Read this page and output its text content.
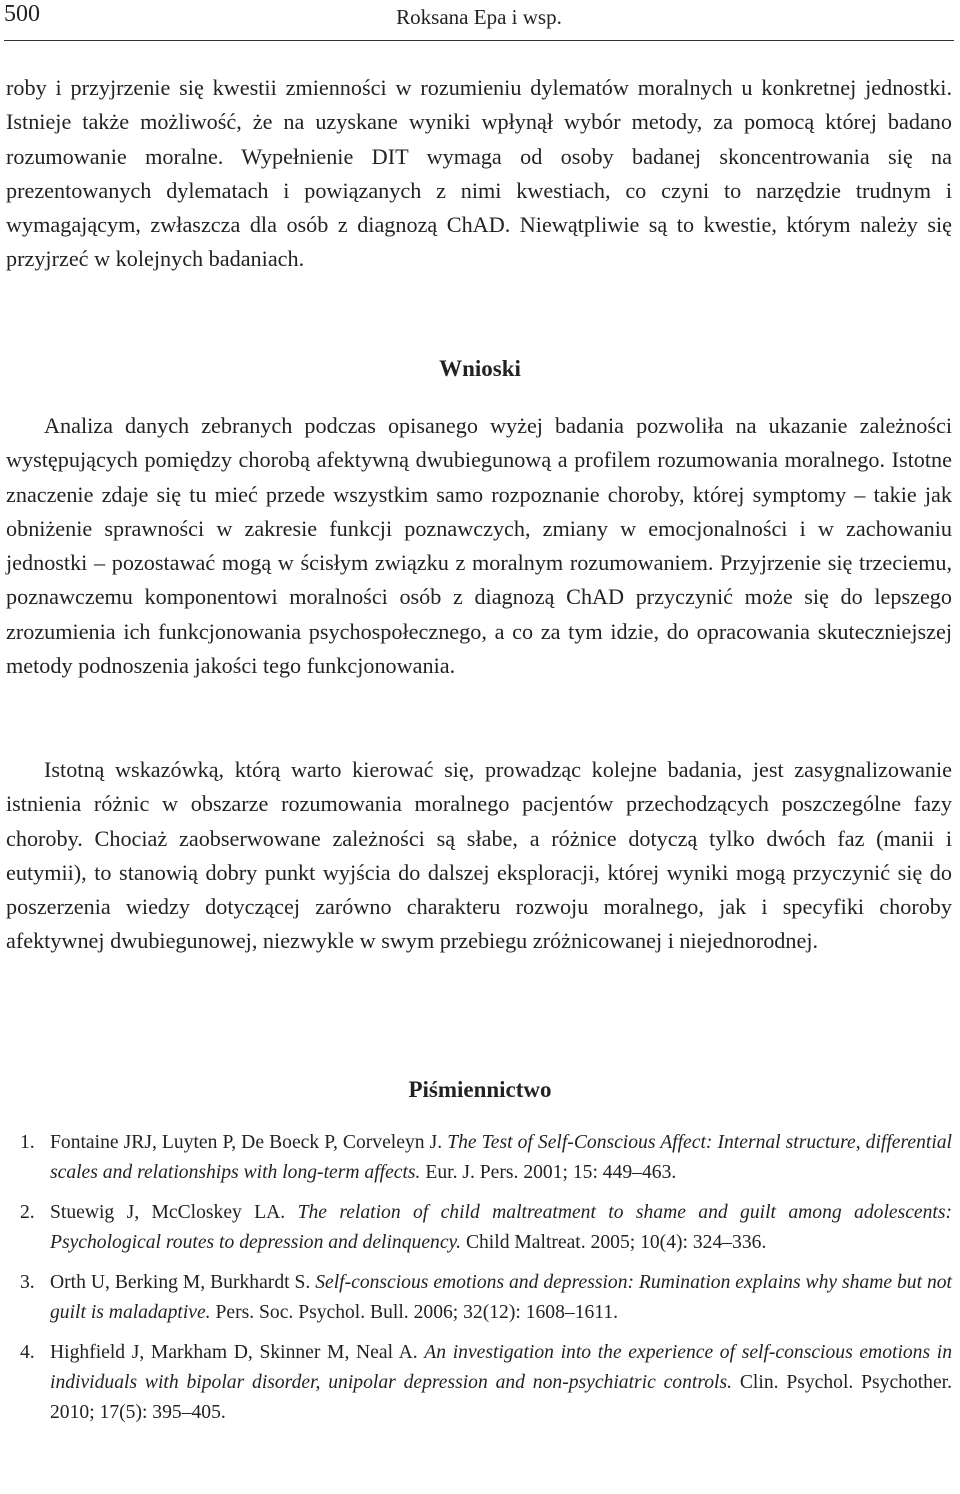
500	Roksana Epa i wsp.

roby i przyjrzenie się kwestii zmienności w rozumieniu dylematów moralnych u konkretnej jednostki. Istnieje także możliwość, że na uzyskane wyniki wpłynął wybór metody, za pomocą której badano rozumowanie moralne. Wypełnienie DIT wymaga od osoby badanej skoncentrowania się na prezentowanych dylematach i powiązanych z nimi kwestiach, co czyni to narzędzie trudnym i wymagającym, zwłaszcza dla osób z diagnozą ChAD. Niewątpliwie są to kwestie, którym należy się przyjrzeć w kolejnych badaniach.

Wnioski

Analiza danych zebranych podczas opisanego wyżej badania pozwoliła na ukazanie zależności występujących pomiędzy chorobą afektywną dwubiegunową a profilem rozumowania moralnego. Istotne znaczenie zdaje się tu mieć przede wszystkim samo rozpoznanie choroby, której symptomy – takie jak obniżenie sprawności w zakresie funkcji poznawczych, zmiany w emocjonalności i w zachowaniu jednostki – pozostawać mogą w ścisłym związku z moralnym rozumowaniem. Przyjrzenie się trzeciemu, poznawczemu komponentowi moralności osób z diagnozą ChAD przyczynić może się do lepszego zrozumienia ich funkcjonowania psychospołecznego, a co za tym idzie, do opracowania skuteczniejszej metody podnoszenia jakości tego funkcjonowania.

Istotną wskazówką, którą warto kierować się, prowadząc kolejne badania, jest zasygnalizowanie istnienia różnic w obszarze rozumowania moralnego pacjentów przechodzących poszczególne fazy choroby. Chociaż zaobserwowane zależności są słabe, a różnice dotyczą tylko dwóch faz (manii i eutymii), to stanowią dobry punkt wyjścia do dalszej eksploracji, której wyniki mogą przyczynić się do poszerzenia wiedzy dotyczącej zarówno charakteru rozwoju moralnego, jak i specyfiki choroby afektywnej dwubiegunowej, niezwykle w swym przebiegu zróżnicowanej i niejednorodnej.

Piśmiennictwo
1. Fontaine JRJ, Luyten P, De Boeck P, Corveleyn J. The Test of Self-Conscious Affect: Internal structure, differential scales and relationships with long-term affects. Eur. J. Pers. 2001; 15: 449–463.
2. Stuewig J, McCloskey LA. The relation of child maltreatment to shame and guilt among adolescents: Psychological routes to depression and delinquency. Child Maltreat. 2005; 10(4): 324–336.
3. Orth U, Berking M, Burkhardt S. Self-conscious emotions and depression: Rumination explains why shame but not guilt is maladaptive. Pers. Soc. Psychol. Bull. 2006; 32(12): 1608–1611.
4. Highfield J, Markham D, Skinner M, Neal A. An investigation into the experience of self-conscious emotions in individuals with bipolar disorder, unipolar depression and non-psychiatric controls. Clin. Psychol. Psychother. 2010; 17(5): 395–405.
